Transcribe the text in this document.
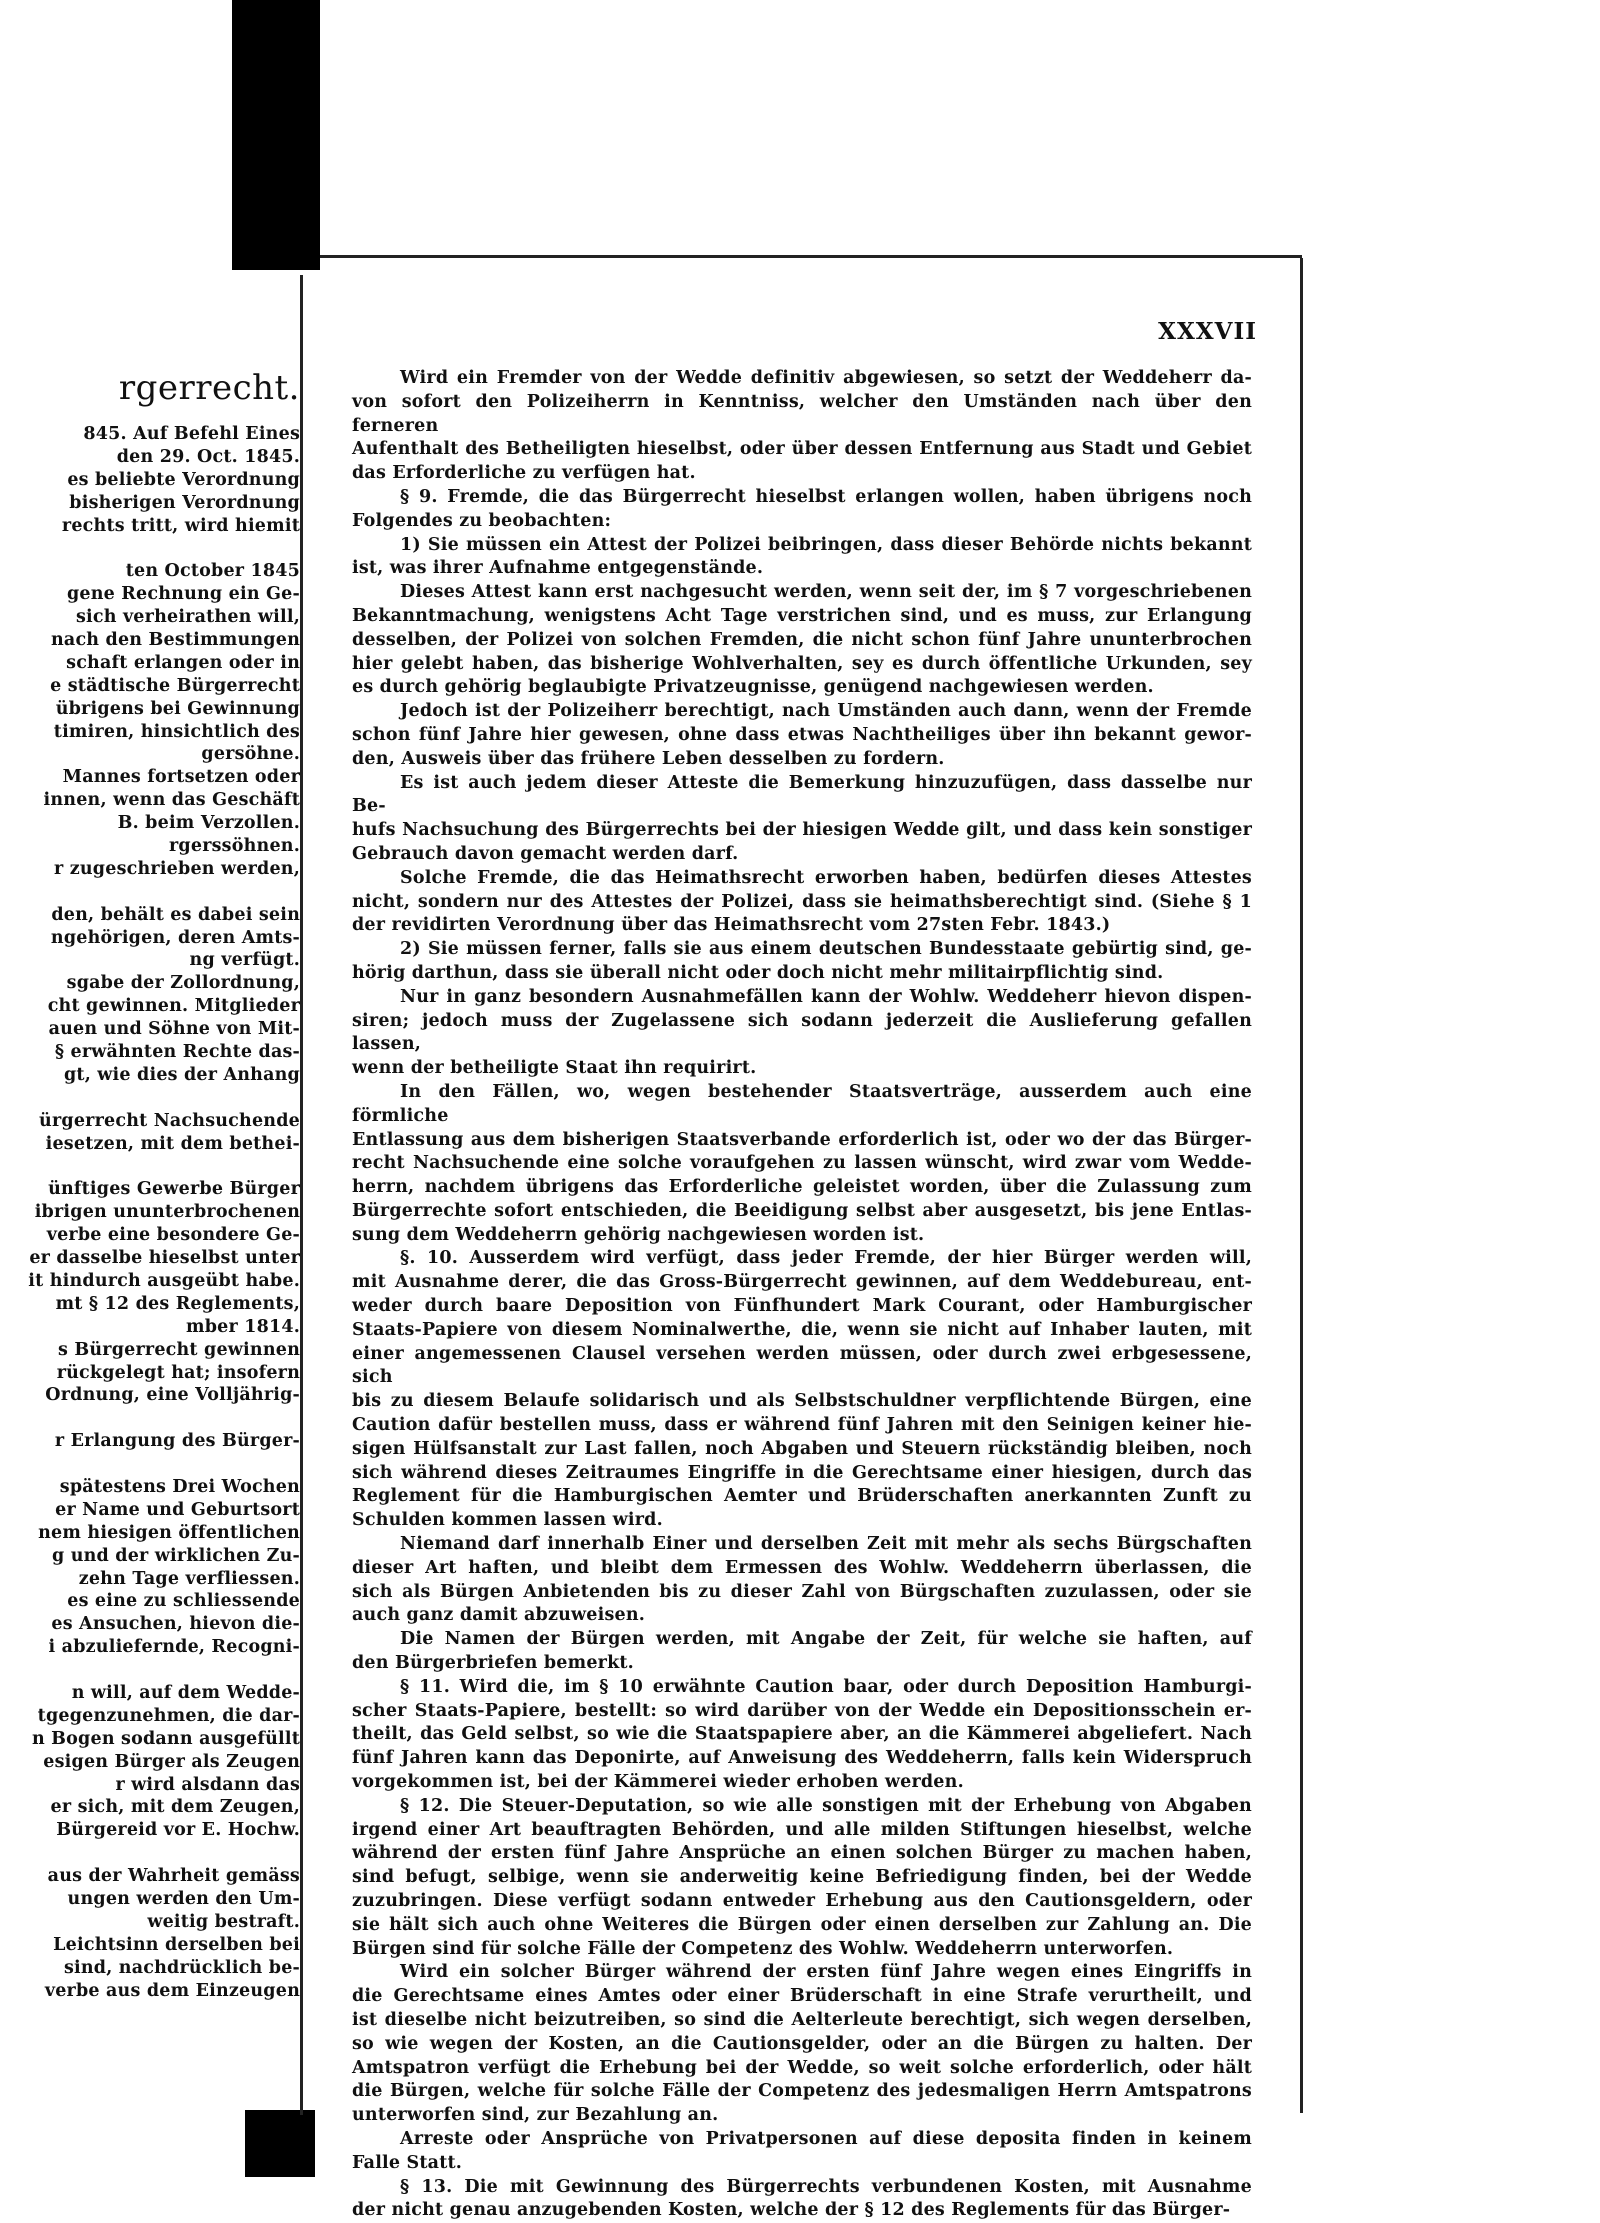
rgerrecht.
845. Auf Befehl Eines
den 29. Oct. 1845.
es beliebte Verordnung
bisherigen Verordnung
rechts tritt, wird hiemit
ten October 1845
gene Rechnung ein Ge-
sich verheirathen will,
nach den Bestimmungen
schaft erlangen oder in
e städtische Bürgerrecht
übrigens bei Gewinnung
timiren, hinsichtlich des
gersöhne.
Mannes fortsetzen oder
innen, wenn das Geschäft
B. beim Verzollen.
rgerssöhnen.
r zugeschrieben werden,
den, behält es dabei sein
ngehörigen, deren Amts-
ng verfügt.
sgabe der Zollordnung,
cht gewinnen. Mitglieder
auen und Söhne von Mit-
§ erwähnten Rechte das-
gt, wie dies der Anhang
ürgerrecht Nachsuchende
iesetzen, mit dem bethei-
ünftiges Gewerbe Bürger
ibrigen ununterbrochenen
verbe eine besondere Ge-
er dasselbe hieselbst unter
it hindurch ausgeübt habe.
mt § 12 des Reglements,
mber 1814.
s Bürgerrecht gewinnen
rückgelegt hat; insofern
Ordnung, eine Volljährig-
r Erlangung des Bürger-
spätestens Drei Wochen
er Name und Geburtsort
nem hiesigen öffentlichen
g und der wirklichen Zu-
zehn Tage verfliessen.
es eine zu schliessende
es Ansuchen, hievon die-
i abzuliefernde, Recogni-
n will, auf dem Wedde-
tgegenzunehmen, die dar-
n Bogen sodann ausgefüllt
esigen Bürger als Zeugen
r wird alsdann das
er sich, mit dem Zeugen,
Bürgereid vor E. Hochw.
aus der Wahrheit gemäss
ungen werden den Um-
weitig bestraft.
Leichtsinn derselben bei
sind, nachdrücklich be-
verbe aus dem Einzeugen
XXXVII
Wird ein Fremder von der Wedde definitiv abgewiesen, so setzt der Weddeherr da-
von sofort den Polizeiherrn in Kenntniss, welcher den Umständen nach über den ferneren
Aufenthalt des Betheiligten hieselbst, oder über dessen Entfernung aus Stadt und Gebiet
das Erforderliche zu verfügen hat.
§ 9. Fremde, die das Bürgerrecht hieselbst erlangen wollen, haben übrigens noch
Folgendes zu beobachten:
1) Sie müssen ein Attest der Polizei beibringen, dass dieser Behörde nichts bekannt
ist, was ihrer Aufnahme entgegenstände.
Dieses Attest kann erst nachgesucht werden, wenn seit der, im § 7 vorgeschriebenen
Bekanntmachung, wenigstens Acht Tage verstrichen sind, und es muss, zur Erlangung
desselben, der Polizei von solchen Fremden, die nicht schon fünf Jahre ununterbrochen
hier gelebt haben, das bisherige Wohlverhalten, sey es durch öffentliche Urkunden, sey
es durch gehörig beglaubigte Privatzeugnisse, genügend nachgewiesen werden.
Jedoch ist der Polizeiherr berechtigt, nach Umständen auch dann, wenn der Fremde
schon fünf Jahre hier gewesen, ohne dass etwas Nachtheiliges über ihn bekannt gewor-
den, Ausweis über das frühere Leben desselben zu fordern.
Es ist auch jedem dieser Atteste die Bemerkung hinzuzufügen, dass dasselbe nur Be-
hufs Nachsuchung des Bürgerrechts bei der hiesigen Wedde gilt, und dass kein sonstiger
Gebrauch davon gemacht werden darf.
Solche Fremde, die das Heimathsrecht erworben haben, bedürfen dieses Attestes
nicht, sondern nur des Attestes der Polizei, dass sie heimathsberechtigt sind. (Siehe § 1
der revidirten Verordnung über das Heimathsrecht vom 27sten Febr. 1843.)
2) Sie müssen ferner, falls sie aus einem deutschen Bundesstaate gebürtig sind, ge-
hörig darthun, dass sie überall nicht oder doch nicht mehr militairpflichtig sind.
Nur in ganz besondern Ausnahmefällen kann der Wohlw. Weddeherr hievon dispen-
siren; jedoch muss der Zugelassene sich sodann jederzeit die Auslieferung gefallen lassen,
wenn der betheiligte Staat ihn requirirt.
In den Fällen, wo, wegen bestehender Staatsverträge, ausserdem auch eine förmliche
Entlassung aus dem bisherigen Staatsverbande erforderlich ist, oder wo der das Bürger-
recht Nachsuchende eine solche voraufgehen zu lassen wünscht, wird zwar vom Wedde-
herrn, nachdem übrigens das Erforderliche geleistet worden, über die Zulassung zum
Bürgerrechte sofort entschieden, die Beeidigung selbst aber ausgesetzt, bis jene Entlas-
sung dem Weddeherrn gehörig nachgewiesen worden ist.
§. 10. Ausserdem wird verfügt, dass jeder Fremde, der hier Bürger werden will,
mit Ausnahme derer, die das Gross-Bürgerrecht gewinnen, auf dem Weddebureau, ent-
weder durch baare Deposition von Fünfhundert Mark Courant, oder Hamburgischer
Staats-Papiere von diesem Nominalwerthe, die, wenn sie nicht auf Inhaber lauten, mit
einer angemessenen Clausel versehen werden müssen, oder durch zwei erbgesessene, sich
bis zu diesem Belaufe solidarisch und als Selbstschuldner verpflichtende Bürgen, eine
Caution dafür bestellen muss, dass er während fünf Jahren mit den Seinigen keiner hie-
sigen Hülfsanstalt zur Last fallen, noch Abgaben und Steuern rückständig bleiben, noch
sich während dieses Zeitraumes Eingriffe in die Gerechtsame einer hiesigen, durch das
Reglement für die Hamburgischen Aemter und Brüderschaften anerkannten Zunft zu
Schulden kommen lassen wird.
Niemand darf innerhalb Einer und derselben Zeit mit mehr als sechs Bürgschaften
dieser Art haften, und bleibt dem Ermessen des Wohlw. Weddeherrn überlassen, die
sich als Bürgen Anbietenden bis zu dieser Zahl von Bürgschaften zuzulassen, oder sie
auch ganz damit abzuweisen.
Die Namen der Bürgen werden, mit Angabe der Zeit, für welche sie haften, auf
den Bürgerbriefen bemerkt.
§ 11. Wird die, im § 10 erwähnte Caution baar, oder durch Deposition Hamburgi-
scher Staats-Papiere, bestellt: so wird darüber von der Wedde ein Depositionsschein er-
theilt, das Geld selbst, so wie die Staatspapiere aber, an die Kämmerei abgeliefert. Nach
fünf Jahren kann das Deponirte, auf Anweisung des Weddeherrn, falls kein Widerspruch
vorgekommen ist, bei der Kämmerei wieder erhoben werden.
§ 12. Die Steuer-Deputation, so wie alle sonstigen mit der Erhebung von Abgaben
irgend einer Art beauftragten Behörden, und alle milden Stiftungen hieselbst, welche
während der ersten fünf Jahre Ansprüche an einen solchen Bürger zu machen haben,
sind befugt, selbige, wenn sie anderweitig keine Befriedigung finden, bei der Wedde
zuzubringen. Diese verfügt sodann entweder Erhebung aus den Cautionsgeldern, oder
sie hält sich auch ohne Weiteres die Bürgen oder einen derselben zur Zahlung an. Die
Bürgen sind für solche Fälle der Competenz des Wohlw. Weddeherrn unterworfen.
Wird ein solcher Bürger während der ersten fünf Jahre wegen eines Eingriffs in
die Gerechtsame eines Amtes oder einer Brüderschaft in eine Strafe verurtheilt, und
ist dieselbe nicht beizutreiben, so sind die Aelterleute berechtigt, sich wegen derselben,
so wie wegen der Kosten, an die Cautionsgelder, oder an die Bürgen zu halten. Der
Amtspatron verfügt die Erhebung bei der Wedde, so weit solche erforderlich, oder hält
die Bürgen, welche für solche Fälle der Competenz des jedesmaligen Herrn Amtspatrons
unterworfen sind, zur Bezahlung an.
Arreste oder Ansprüche von Privatpersonen auf diese deposita finden in keinem
Falle Statt.
§ 13. Die mit Gewinnung des Bürgerrechts verbundenen Kosten, mit Ausnahme
der nicht genau anzugebenden Kosten, welche der § 12 des Reglements für das Bürger-
